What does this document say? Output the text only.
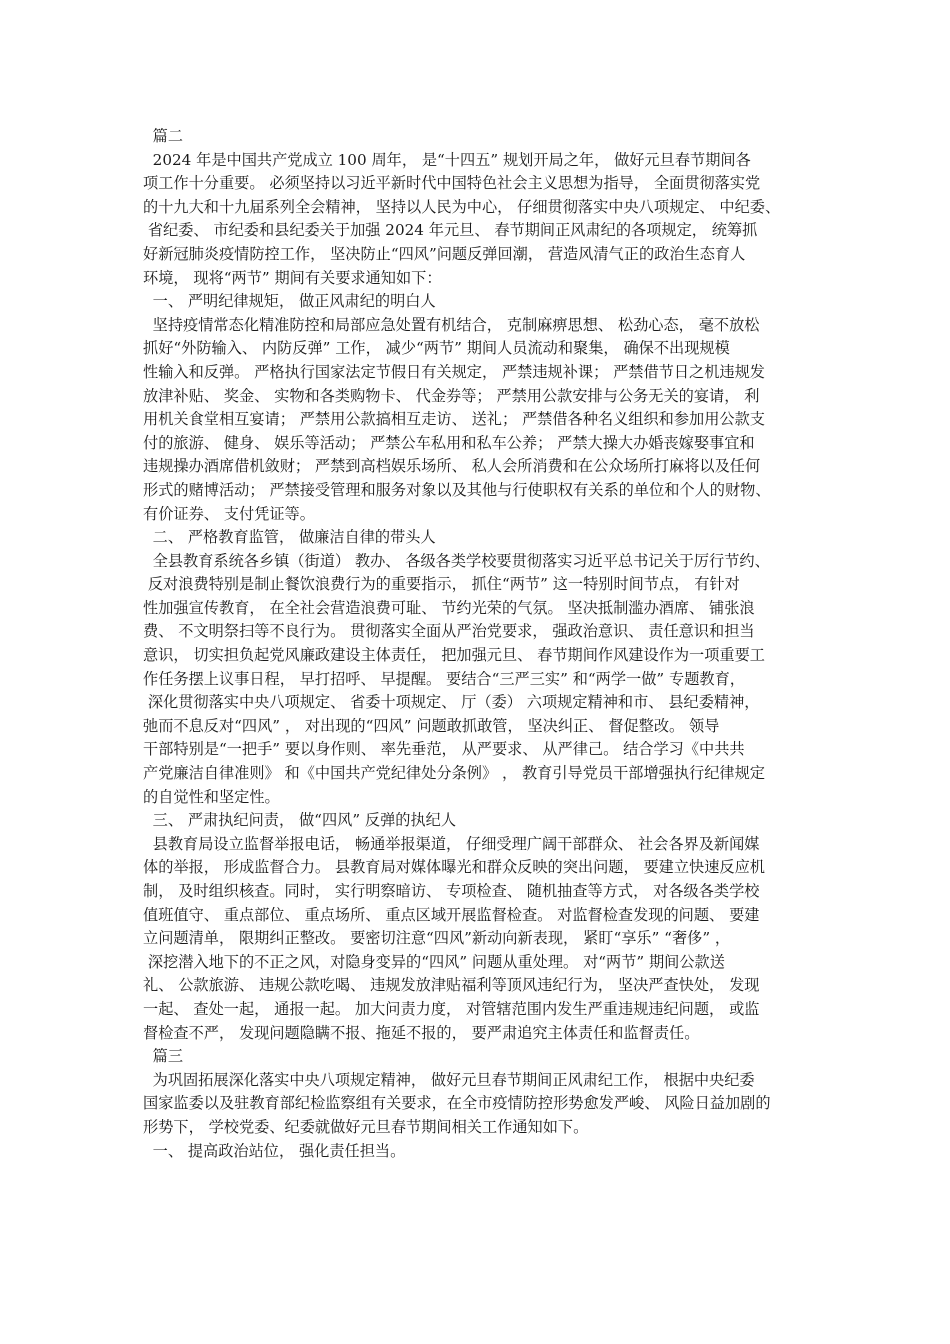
篇二
2024 年是中国共产党成立 100 周年， 是“十四五” 规划开局之年， 做好元旦春节期间各
项工作十分重要。 必须坚持以习近平新时代中国特色社会主义思想为指导， 全面贯彻落实党
的十九大和十九届系列全会精神， 坚持以人民为中心， 仔细贯彻落实中央八项规定、 中纪委、
省纪委、 市纪委和县纪委关于加强 2024 年元旦、 春节期间正风肃纪的各项规定， 统筹抓
好新冠肺炎疫情防控工作， 坚决防止“四风”问题反弹回潮， 营造风清气正的政治生态育人
环境， 现将“两节” 期间有关要求通知如下：
一、 严明纪律规矩， 做正风肃纪的明白人
坚持疫情常态化精准防控和局部应急处置有机结合， 克制麻痹思想、 松劲心态， 毫不放松
抓好“外防输入、 内防反弹” 工作， 减少“两节” 期间人员流动和聚集， 确保不出现规模
性输入和反弹。 严格执行国家法定节假日有关规定， 严禁违规补课； 严禁借节日之机违规发
放津补贴、 奖金、 实物和各类购物卡、 代金券等； 严禁用公款安排与公务无关的宴请， 利
用机关食堂相互宴请； 严禁用公款搞相互走访、 送礼； 严禁借各种名义组织和参加用公款支
付的旅游、 健身、 娱乐等活动； 严禁公车私用和私车公养； 严禁大操大办婚丧嫁娶事宜和
违规操办酒席借机敛财； 严禁到高档娱乐场所、 私人会所消费和在公众场所打麻将以及任何
形式的赌博活动； 严禁接受管理和服务对象以及其他与行使职权有关系的单位和个人的财物、
有价证券、 支付凭证等。
二、 严格教育监管， 做廉洁自律的带头人
全县教育系统各乡镇（街道） 教办、 各级各类学校要贯彻落实习近平总书记关于厉行节约、
反对浪费特别是制止餐饮浪费行为的重要指示， 抓住“两节” 这一特别时间节点， 有针对
性加强宣传教育， 在全社会营造浪费可耻、 节约光荣的气氛。 坚决抵制滥办酒席、 铺张浪
费、 不文明祭扫等不良行为。 贯彻落实全面从严治党要求， 强政治意识、 责任意识和担当
意识， 切实担负起党风廉政建设主体责任， 把加强元旦、 春节期间作风建设作为一项重要工
作任务摆上议事日程， 早打招呼、 早提醒。 要结合“三严三实” 和“两学一做” 专题教育，
深化贯彻落实中央八项规定、 省委十项规定、 厅（委） 六项规定精神和市、 县纪委精神，
弛而不息反对“四风” ， 对出现的“四风” 问题敢抓敢管， 坚决纠正、 督促整改。 领导
干部特别是“一把手” 要以身作则、 率先垂范， 从严要求、 从严律己。 结合学习《中共共
产党廉洁自律准则》 和《中国共产党纪律处分条例》 ， 教育引导党员干部增强执行纪律规定
的自觉性和坚定性。
三、 严肃执纪问责， 做“四风” 反弹的执纪人
县教育局设立监督举报电话， 畅通举报渠道， 仔细受理广阔干部群众、 社会各界及新闻媒
体的举报， 形成监督合力。 县教育局对媒体曝光和群众反映的突出问题， 要建立快速反应机
制， 及时组织核查。同时， 实行明察暗访、 专项检查、 随机抽查等方式， 对各级各类学校
值班值守、 重点部位、 重点场所、 重点区域开展监督检查。 对监督检查发现的问题、 要建
立问题清单， 限期纠正整改。 要密切注意“四风”新动向新表现， 紧盯“享乐” “奢侈” ，
深挖潜入地下的不正之风，对隐身变异的“四风” 问题从重处理。 对“两节” 期间公款送
礼、 公款旅游、 违规公款吃喝、 违规发放津贴福利等顶风违纪行为， 坚决严查快处， 发现
一起、 查处一起， 通报一起。 加大问责力度， 对管辖范围内发生严重违规违纪问题， 或监
督检查不严， 发现问题隐瞒不报、拖延不报的， 要严肃追究主体责任和监督责任。
篇三
为巩固拓展深化落实中央八项规定精神， 做好元旦春节期间正风肃纪工作， 根据中央纪委
国家监委以及驻教育部纪检监察组有关要求，在全市疫情防控形势愈发严峻、 风险日益加剧的
形势下， 学校党委、纪委就做好元旦春节期间相关工作通知如下。
一、 提高政治站位， 强化责任担当。
